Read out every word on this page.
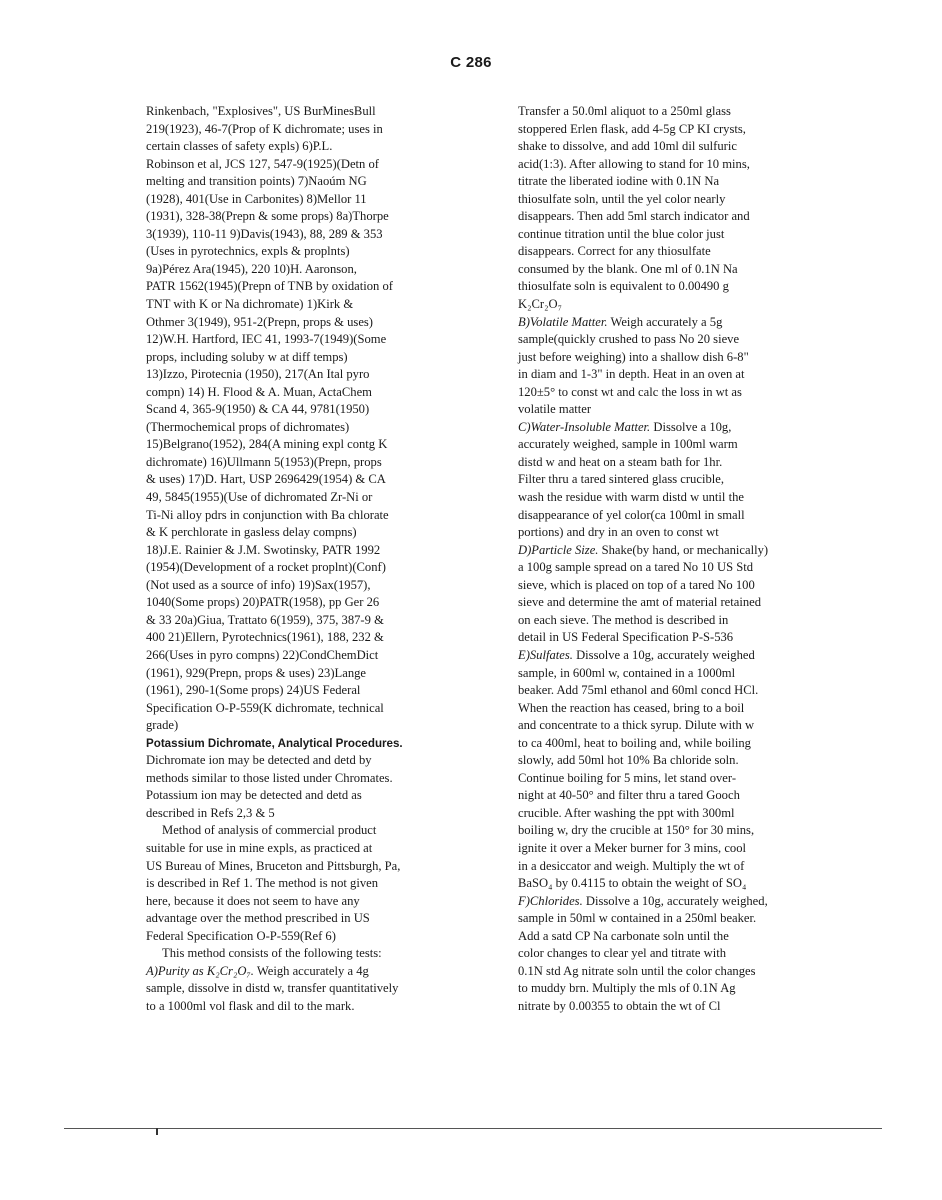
C 286
Rinkenbach, "Explosives", US BurMinesBull
219(1923), 46-7(Prop of K dichromate; uses in
certain classes of safety expls) 6)P.L.
Robinson et al, JCS 127, 547-9(1925)(Detn of
melting and transition points) 7)Naoúm NG
(1928), 401(Use in Carbonites) 8)Mellor 11
(1931), 328-38(Prepn & some props) 8a)Thorpe
3(1939), 110-11 9)Davis(1943), 88, 289 & 353
(Uses in pyrotechnics, expls & proplnts)
9a)Pérez Ara(1945), 220 10)H. Aaronson,
PATR 1562(1945)(Prepn of TNB by oxidation of
TNT with K or Na dichromate) 1)Kirk &
Othmer 3(1949), 951-2(Prepn, props & uses)
12)W.H. Hartford, IEC 41, 1993-7(1949)(Some
props, including soluby w at diff temps)
13)Izzo, Pirotecnia (1950), 217(An Ital pyro
compn) 14) H. Flood & A. Muan, ActaChem
Scand 4, 365-9(1950) & CA 44, 9781(1950)
(Thermochemical props of dichromates)
15)Belgrano(1952), 284(A mining expl contg K
dichromate) 16)Ullmann 5(1953)(Prepn, props
& uses) 17)D. Hart, USP 2696429(1954) & CA
49, 5845(1955)(Use of dichromated Zr-Ni or
Ti-Ni alloy pdrs in conjunction with Ba chlorate
& K perchlorate in gasless delay compns)
18)J.E. Rainier & J.M. Swotinsky, PATR 1992
(1954)(Development of a rocket proplnt)(Conf)
(Not used as a source of info) 19)Sax(1957),
1040(Some props) 20)PATR(1958), pp Ger 26
& 33 20a)Giua, Trattato 6(1959), 375, 387-9 &
400 21)Ellern, Pyrotechnics(1961), 188, 232 &
266(Uses in pyro compns) 22)CondChemDict
(1961), 929(Prepn, props & uses) 23)Lange
(1961), 290-1(Some props) 24)US Federal
Specification O-P-559(K dichromate, technical
grade)
Potassium Dichromate, Analytical Procedures.
Dichromate ion may be detected and detd by
methods similar to those listed under Chromates.
Potassium ion may be detected and detd as
described in Refs 2,3 & 5
Method of analysis of commercial product
suitable for use in mine expls, as practiced at
US Bureau of Mines, Bruceton and Pittsburgh, Pa,
is described in Ref 1. The method is not given
here, because it does not seem to have any
advantage over the method prescribed in US
Federal Specification O-P-559(Ref 6)
This method consists of the following tests:
A)Purity as K₂Cr₂O₇. Weigh accurately a 4g
sample, dissolve in distd w, transfer quantitatively
to a 1000ml vol flask and dil to the mark.
Transfer a 50.0ml aliquot to a 250ml glass
stoppered Erlen flask, add 4-5g CP KI crysts,
shake to dissolve, and add 10ml dil sulfuric
acid(1:3). After allowing to stand for 10 mins,
titrate the liberated iodine with 0.1N Na
thiosulfate soln, until the yel color nearly
disappears. Then add 5ml starch indicator and
continue titration until the blue color just
disappears. Correct for any thiosulfate
consumed by the blank. One ml of 0.1N Na
thiosulfate soln is equivalent to 0.00490 g
K₂Cr₂O₇
B)Volatile Matter. Weigh accurately a 5g
sample(quickly crushed to pass No 20 sieve
just before weighing) into a shallow dish 6-8"
in diam and 1-3" in depth. Heat in an oven at
120±5° to const wt and calc the loss in wt as
volatile matter
C)Water-Insoluble Matter. Dissolve a 10g,
accurately weighed, sample in 100ml warm
distd w and heat on a steam bath for 1hr.
Filter thru a tared sintered glass crucible,
wash the residue with warm distd w until the
disappearance of yel color(ca 100ml in small
portions) and dry in an oven to const wt
D)Particle Size. Shake(by hand, or mechanically)
a 100g sample spread on a tared No 10 US Std
sieve, which is placed on top of a tared No 100
sieve and determine the amt of material retained
on each sieve. The method is described in
detail in US Federal Specification P-S-536
E)Sulfates. Dissolve a 10g, accurately weighed
sample, in 600ml w, contained in a 1000ml
beaker. Add 75ml ethanol and 60ml concd HCl.
When the reaction has ceased, bring to a boil
and concentrate to a thick syrup. Dilute with w
to ca 400ml, heat to boiling and, while boiling
slowly, add 50ml hot 10% Ba chloride soln.
Continue boiling for 5 mins, let stand over-
night at 40-50° and filter thru a tared Gooch
crucible. After washing the ppt with 300ml
boiling w, dry the crucible at 150° for 30 mins,
ignite it over a Meker burner for 3 mins, cool
in a desiccator and weigh. Multiply the wt of
BaSO₄ by 0.4115 to obtain the weight of SO₄
F)Chlorides. Dissolve a 10g, accurately weighed,
sample in 50ml w contained in a 250ml beaker.
Add a satd CP Na carbonate soln until the
color changes to clear yel and titrate with
0.1N std Ag nitrate soln until the color changes
to muddy brn. Multiply the mls of 0.1N Ag
nitrate by 0.00355 to obtain the wt of Cl
